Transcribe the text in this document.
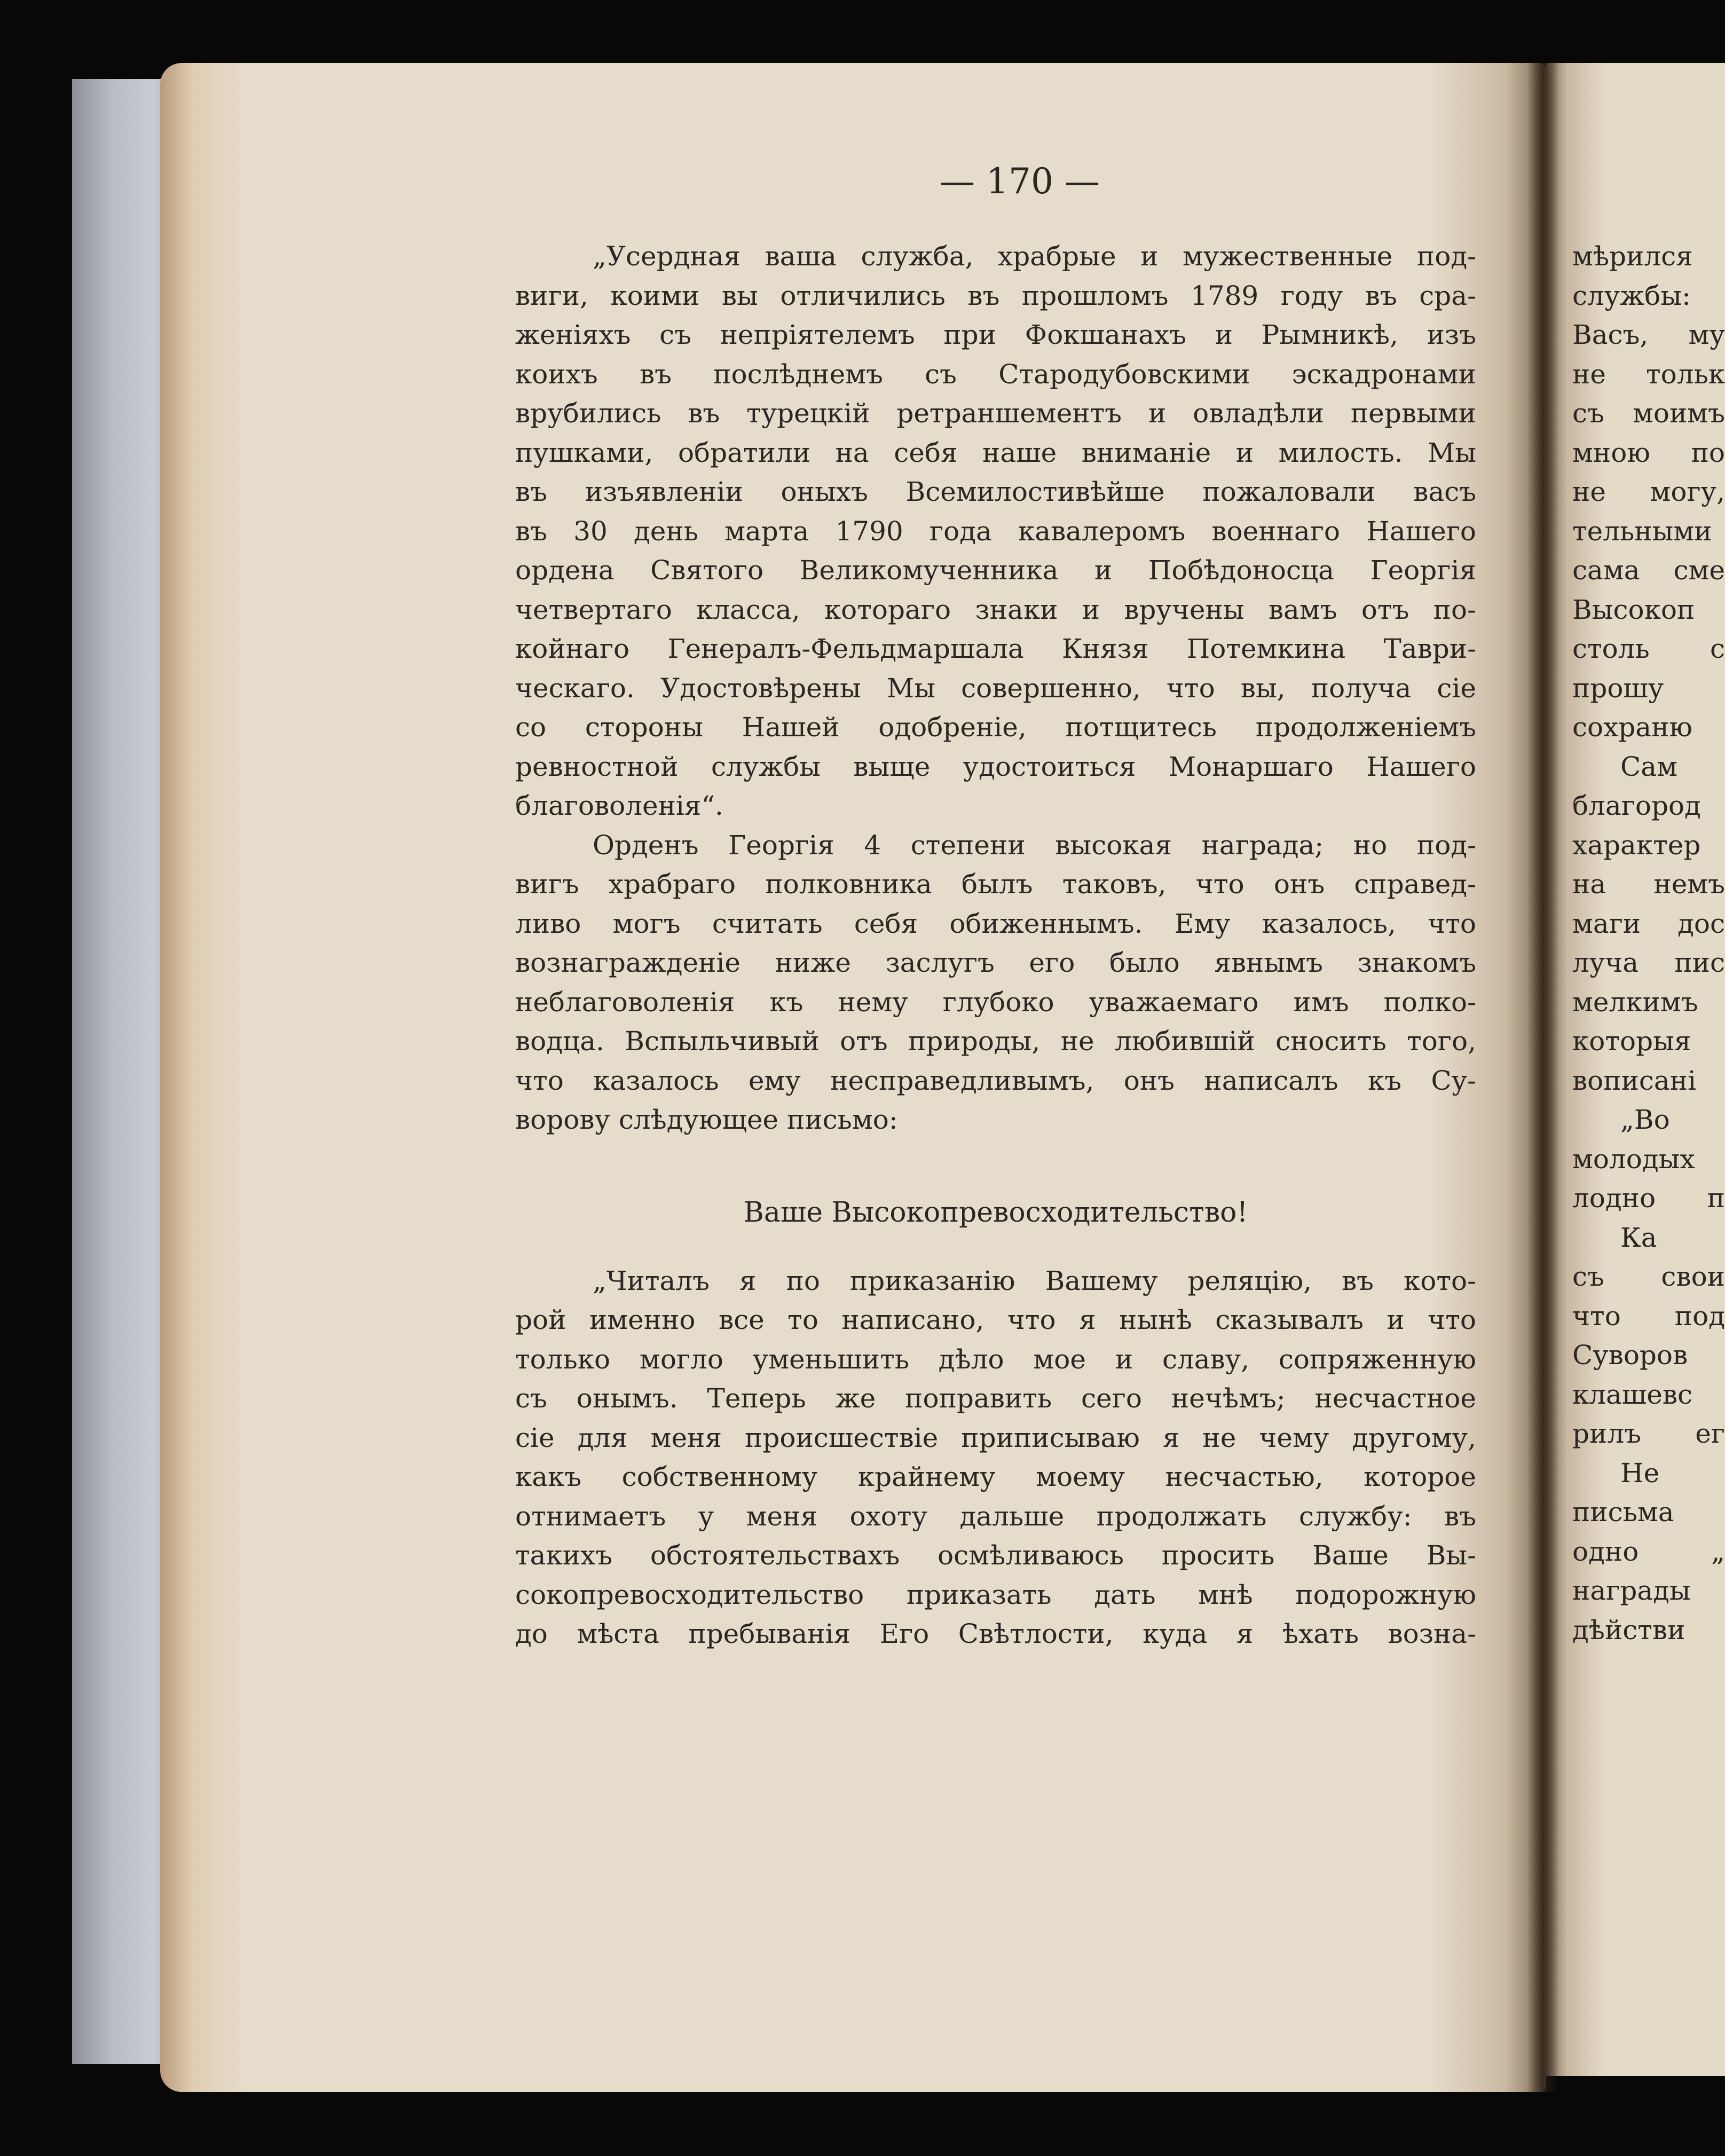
— 170 —
„Усердная ваша служба, храбрые и мужественные под-
виги, коими вы отличились въ прошломъ 1789 году въ сра-
женіяхъ съ непріятелемъ при Фокшанахъ и Рымникѣ, изъ
коихъ въ послѣднемъ съ Стародубовскими эскадронами
врубились въ турецкій ретраншементъ и овладѣли первыми
пушками, обратили на себя наше вниманіе и милость. Мы
въ изъявленіи оныхъ Всемилостивѣйше пожаловали васъ
въ 30 день марта 1790 года кавалеромъ военнаго Нашего
ордена Святого Великомученника и Побѣдоносца Георгія
четвертаго класса, котораго знаки и вручены вамъ отъ по-
койнаго Генералъ-Фельдмаршала Князя Потемкина Таври-
ческаго. Удостовѣрены Мы совершенно, что вы, получа сіе
со стороны Нашей одобреніе, потщитесь продолженіемъ
ревностной службы выще удостоиться Монаршаго Нашего
благоволенія“.
Орденъ Георгія 4 степени высокая награда; но под-
вигъ храбраго полковника былъ таковъ, что онъ справед-
ливо могъ считать себя обиженнымъ. Ему казалось, что
вознагражденіе ниже заслугъ его было явнымъ знакомъ
неблаговоленія къ нему глубоко уважаемаго имъ полко-
водца. Вспыльчивый отъ природы, не любившій сносить того,
что казалось ему несправедливымъ, онъ написалъ къ Су-
ворову слѣдующее письмо:
Ваше Высокопревосходительство!
„Читалъ я по приказанію Вашему реляцію, въ кото-
рой именно все то написано, что я нынѣ сказывалъ и что
только могло уменьшить дѣло мое и славу, сопряженную
съ онымъ. Теперь же поправить сего нечѣмъ; несчастное
сіе для меня происшествіе приписываю я не чему другому,
какъ собственному крайнему моему несчастью, которое
отнимаетъ у меня охоту дальше продолжать службу: въ
такихъ обстоятельствахъ осмѣливаюсь просить Ваше Вы-
сокопревосходительство приказать дать мнѣ подорожную
до мѣста пребыванія Его Свѣтлости, куда я ѣхать возна-
мѣрился
службы:
Васъ, му
не тольк
съ моимъ
мною по
не могу,
тельными
сама сме
Высокоп
столь с
прошу
сохраню
Сам
благород
характер
на немъ
маги дос
луча пис
мелкимъ
которыя
вописані
„Во
молодых
лодно п
Ка
съ свои
что под
Суворов
клашевс
рилъ ег
Не
письма
одно „
награды
дѣйстви
